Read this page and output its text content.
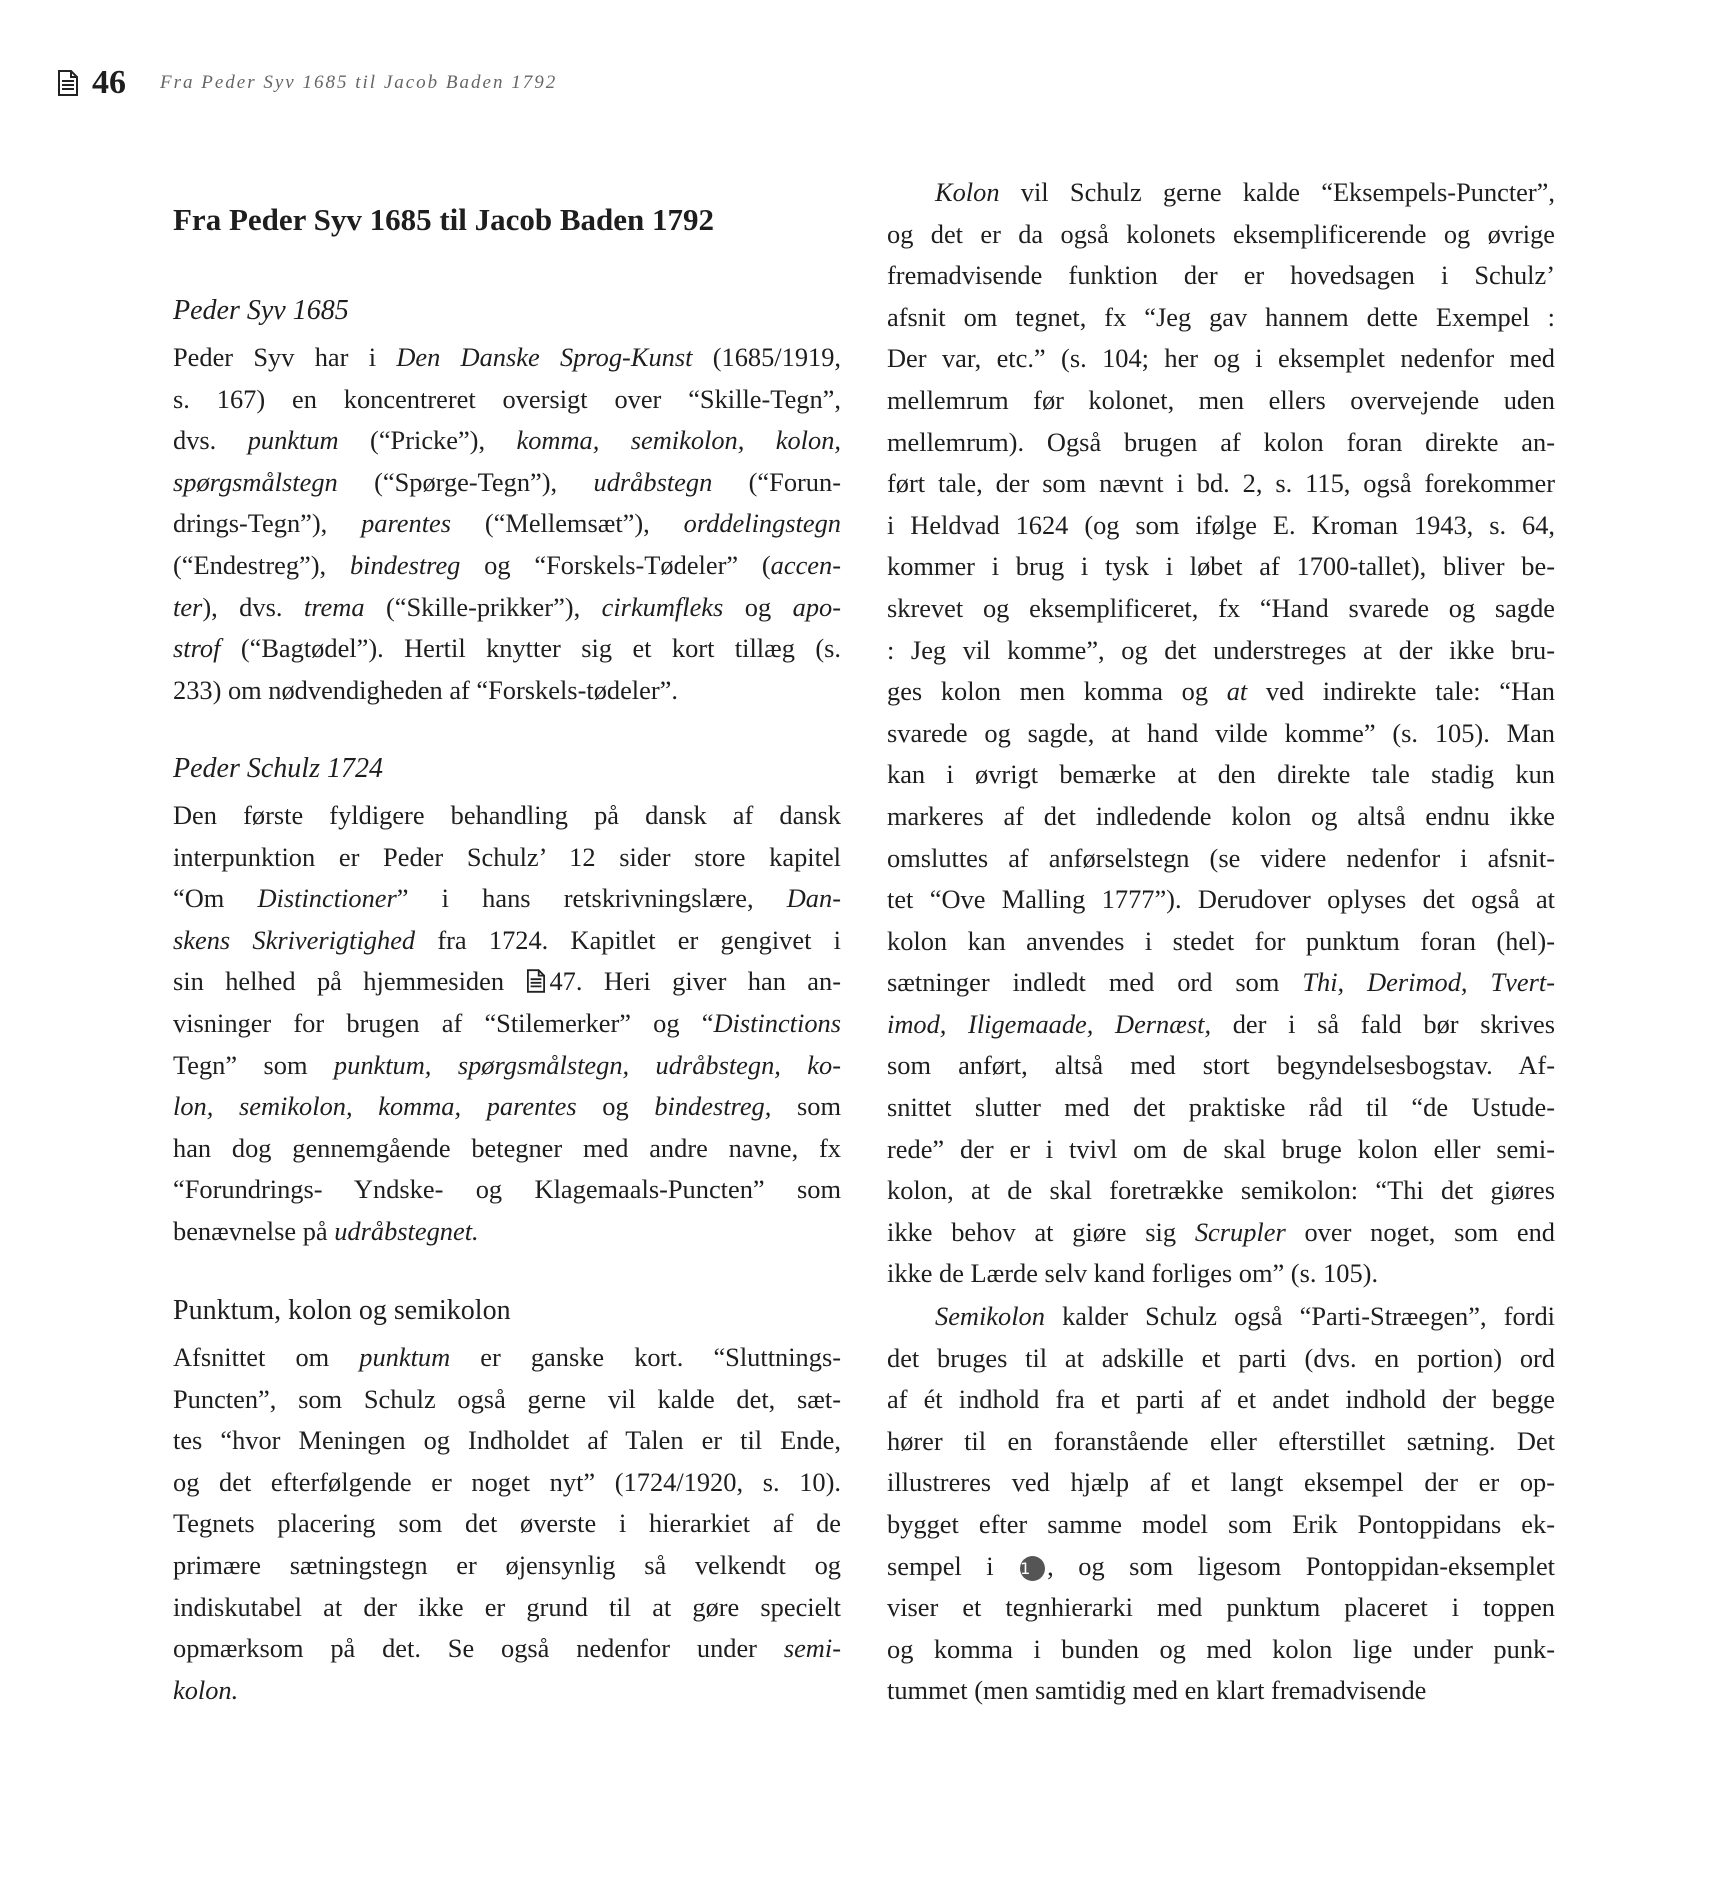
46 Fra Peder Syv 1685 til Jacob Baden 1792
Fra Peder Syv 1685 til Jacob Baden 1792
Peder Syv 1685
Peder Syv har i Den Danske Sprog-Kunst (1685/1919,
s. 167) en koncentreret oversigt over “Skille-Tegn”,
dvs. punktum (“Pricke”), komma, semikolon, kolon,
spørgsmålstegn (“Spørge-Tegn”), udråbstegn (“Forun-
drings-Tegn”), parentes (“Mellemsæt”), orddelingstegn
(“Endestreg”), bindestreg og “Forskels-Tødeler” (accen-
ter), dvs. trema (“Skille-prikker”), cirkumfleks og apo-
strof (“Bagtødel”). Hertil knytter sig et kort tillæg (s.
233) om nødvendigheden af “Forskels-tødeler”.
Peder Schulz 1724
Den første fyldigere behandling på dansk af dansk
interpunktion er Peder Schulz’ 12 sider store kapitel
“Om Distinctioner” i hans retskrivningslære, Dan-
skens Skriverigtighed fra 1724. Kapitlet er gengivet i
sin helhed på hjemmesiden 47. Heri giver han an-
visninger for brugen af “Stilemerker” og “Distinctions
Tegn” som punktum, spørgsmålstegn, udråbstegn, ko-
lon, semikolon, komma, parentes og bindestreg, som
han dog gennemgående betegner med andre navne, fx
“Forundrings- Yndske- og Klagemaals-Puncten” som
benævnelse på udråbstegnet.
Punktum, kolon og semikolon
Afsnittet om punktum er ganske kort. “Sluttnings-
Puncten”, som Schulz også gerne vil kalde det, sæt-
tes “hvor Meningen og Indholdet af Talen er til Ende,
og det efterfølgende er noget nyt” (1724/1920, s. 10).
Tegnets placering som det øverste i hierarkiet af de
primære sætningstegn er øjensynlig så velkendt og
indiskutabel at der ikke er grund til at gøre specielt
opmærksom på det. Se også nedenfor under semi-
kolon.
Kolon vil Schulz gerne kalde “Eksempels-Puncter”,
og det er da også kolonets eksemplificerende og øvrige
fremadvisende funktion der er hovedsagen i Schulz’
afsnit om tegnet, fx “Jeg gav hannem dette Exempel :
Der var, etc.” (s. 104; her og i eksemplet nedenfor med
mellemrum før kolonet, men ellers overvejende uden
mellemrum). Også brugen af kolon foran direkte an-
ført tale, der som nævnt i bd. 2, s. 115, også forekommer
i Heldvad 1624 (og som ifølge E. Kroman 1943, s. 64,
kommer i brug i tysk i løbet af 1700-tallet), bliver be-
skrevet og eksemplificeret, fx “Hand svarede og sagde
: Jeg vil komme”, og det understreges at der ikke bru-
ges kolon men komma og at ved indirekte tale: “Han
svarede og sagde, at hand vilde komme” (s. 105). Man
kan i øvrigt bemærke at den direkte tale stadig kun
markeres af det indledende kolon og altså endnu ikke
omsluttes af anførselstegn (se videre nedenfor i afsnit-
tet “Ove Malling 1777”). Derudover oplyses det også at
kolon kan anvendes i stedet for punktum foran (hel)-
sætninger indledt med ord som Thi, Derimod, Tvert-
imod, Iligemaade, Dernæst, der i så fald bør skrives
som anført, altså med stort begyndelsesbogstav. Af-
snittet slutter med det praktiske råd til “de Ustude-
rede” der er i tvivl om de skal bruge kolon eller semi-
kolon, at de skal foretrække semikolon: “Thi det giøres
ikke behov at giøre sig Scrupler over noget, som end
ikke de Lærde selv kand forliges om” (s. 105).
Semikolon kalder Schulz også “Parti-Stræegen”, fordi
det bruges til at adskille et parti (dvs. en portion) ord
af ét indhold fra et parti af et andet indhold der begge
hører til en foranstående eller efterstillet sætning. Det
illustreres ved hjælp af et langt eksempel der er op-
bygget efter samme model som Erik Pontoppidans ek-
sempel i 1 , og som ligesom Pontoppidan-eksemplet
viser et tegnhierarki med punktum placeret i toppen
og komma i bunden og med kolon lige under punk-
tummet (men samtidig med en klart fremadvisende
